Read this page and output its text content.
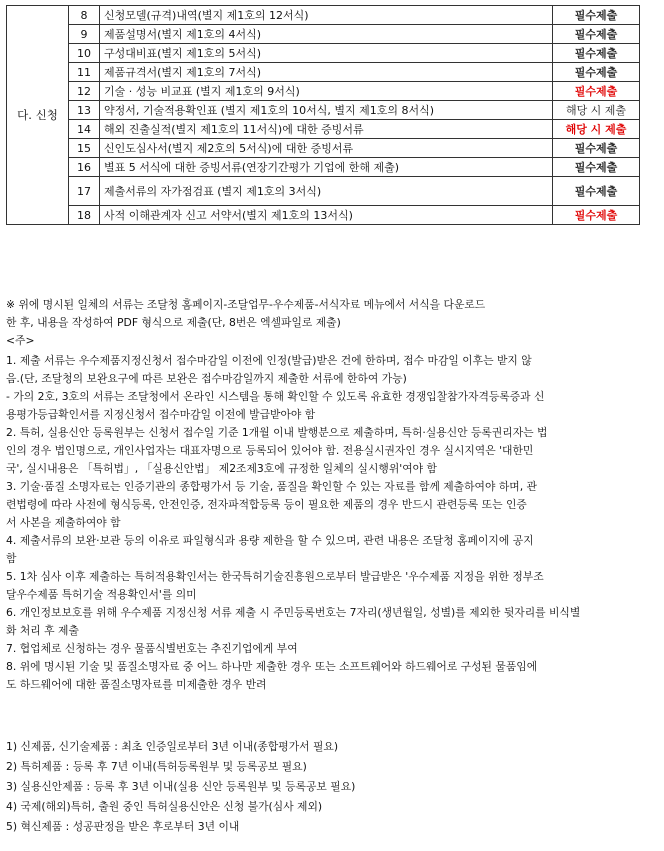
다. 신청	8	신청모델(규격)내역(별지 제1호의 12서식)	필수제출
	9	제품설명서(별지 제1호의 4서식)	필수제출
	10	구성대비표(별지 제1호의 5서식)	필수제출
	11	제품규격서(별지 제1호의 7서식)	필수제출
	12	기술 · 성능 비교표 (별지 제1호의 9서식)	필수제출
	13	약정서, 기술적용확인표 (별지 제1호의 10서식, 별지 제1호의 8서식)	해당 시 제출
	14	해외 진출실적(별지 제1호의 11서식)에 대한 증빙서류	해당 시 제출
	15	신인도심사서(별지 제2호의 5서식)에 대한 증빙서류	필수제출
	16	별표 5 서식에 대한 증빙서류(연장기간평가 기업에 한해 제출)	필수제출
	17	제출서류의 자가점검표 (별지 제1호의 3서식)	필수제출
	18	사적 이해관계자 신고 서약서(별지 제1호의 13서식)	필수제출
※ 위에 명시된 일체의 서류는 조달청 홈페이지-조달업무-우수제품-서식자료 메뉴에서 서식을 다운로드
한 후, 내용을 작성하여 PDF 형식으로 제출(단, 8번은 엑셀파일로 제출)
<주>
1. 제출 서류는 우수제품지정신청서 접수마감일 이전에 인정(발급)받은 건에 한하며, 접수 마감일 이후는 받지 않
음.(단, 조달청의 보완요구에 따른 보완은 접수마감일까지 제출한 서류에 한하여 가능)
- 가의 2호, 3호의 서류는 조달청에서 온라인 시스템을 통해 확인할 수 있도록 유효한 경쟁입찰참가자격등록증과 신
용평가등급확인서를 지정신청서 접수마감일 이전에 발급받아야 함
2. 특허, 실용신안 등록원부는 신청서 접수일 기준 1개월 이내 발행분으로 제출하며, 특허·실용신안 등록권리자는 법
인의 경우 법인명으로, 개인사업자는 대표자명으로 등록되어 있어야 함. 전용실시권자인 경우 실시지역은 '대한민
국', 실시내용은 「특허법」, 「실용신안법」 제2조제3호에 규정한 일체의 실시행위'여야 함
3. 기술·품질 소명자료는 인증기관의 종합평가서 등 기술, 품질을 확인할 수 있는 자료를 함께 제출하여야 하며, 관
련법령에 따라 사전에 형식등록, 안전인증, 전자파적합등록 등이 필요한 제품의 경우 반드시 관련등록 또는 인증
서 사본을 제출하여야 함
4. 제출서류의 보완·보관 등의 이유로 파일형식과 용량 제한을 할 수 있으며, 관련 내용은 조달청 홈페이지에 공지
함
5. 1차 심사 이후 제출하는 특허적용확인서는 한국특허기술진흥원으로부터 발급받은 '우수제품 지정을 위한 정부조
달우수제품 특허기술 적용확인서'를 의미
6. 개인정보보호를 위해 우수제품 지정신청 서류 제출 시 주민등록번호는 7자리(생년월일, 성별)를 제외한 뒷자리를 비식별
화 처리 후 제출
7. 협업체로 신청하는 경우 물품식별번호는 추진기업에게 부여
8. 위에 명시된 기술 및 품질소명자료 중 어느 하나만 제출한 경우 또는 소프트웨어와 하드웨어로 구성된 물품임에
도 하드웨어에 대한 품질소명자료를 미제출한 경우 반려
1) 신제품, 신기술제품 : 최초 인증일로부터 3년 이내(종합평가서 필요)
2) 특허제품 : 등록 후 7년 이내(특허등록원부 및 등록공보 필요)
3) 실용신안제품 : 등록 후 3년 이내(실용 신안 등록원부 및 등록공보 필요)
4) 국제(해외)특허, 출원 중인 특허실용신안은 신청 불가(심사 제외)
5) 혁신제품 : 성공판정을 받은 후로부터 3년 이내
